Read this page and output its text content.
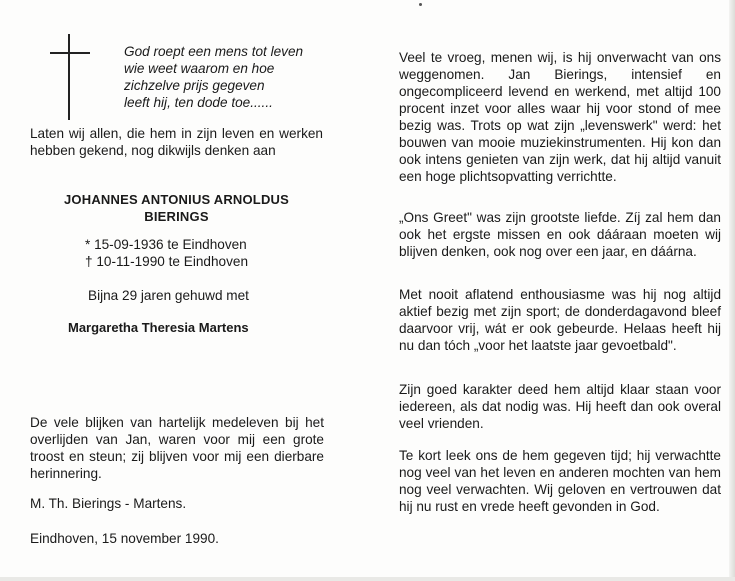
God roept een mens tot leven
wie weet waarom en hoe
zichzelve prijs gegeven
leeft hij, ten dode toe......
Laten wij allen, die hem in zijn leven en werken hebben gekend, nog dikwijls denken aan
JOHANNES ANTONIUS ARNOLDUS
BIERINGS
* 15-09-1936 te Eindhoven
† 10-11-1990 te Eindhoven
Bijna 29 jaren gehuwd met
Margaretha Theresia Martens
De vele blijken van hartelijk medeleven bij het overlijden van Jan, waren voor mij een grote troost en steun; zij blijven voor mij een dierbare herinnering.
M. Th. Bierings - Martens.
Eindhoven, 15 november 1990.
Veel te vroeg, menen wij, is hij onverwacht van ons weggenomen. Jan Bierings, intensief en ongecompliceerd levend en werkend, met altijd 100 procent inzet voor alles waar hij voor stond of mee bezig was. Trots op wat zijn „levenswerk" werd: het bouwen van mooie muziekinstrumenten. Hij kon dan ook intens genieten van zijn werk, dat hij altijd vanuit een hoge plichtsopvatting verrichtte.
„Ons Greet" was zijn grootste liefde. Zíj zal hem dan ook het ergste missen en ook dááraan moeten wij blijven denken, ook nog over een jaar, en dáárna.
Met nooit aflatend enthousiasme was hij nog altijd aktief bezig met zijn sport; de donderdagavond bleef daarvoor vrij, wát er ook gebeurde. Helaas heeft hij nu dan tóch „voor het laatste jaar gevoetbald".
Zijn goed karakter deed hem altijd klaar staan voor iedereen, als dat nodig was. Hij heeft dan ook overal veel vrienden.
Te kort leek ons de hem gegeven tijd; hij verwachtte nog veel van het leven en anderen mochten van hem nog veel verwachten. Wij geloven en vertrouwen dat hij nu rust en vrede heeft gevonden in God.
